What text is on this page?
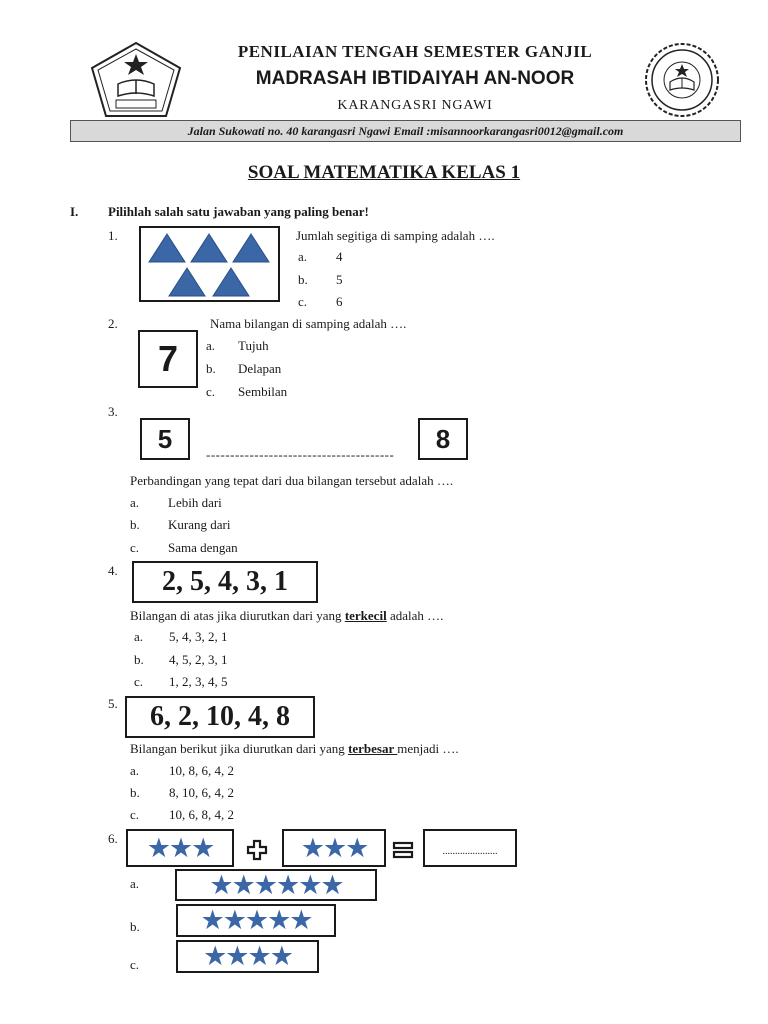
PENILAIAN TENGAH SEMESTER GANJIL
MADRASAH IBTIDAIYAH AN-NOOR
KARANGASRI NGAWI
Jalan Sukowati no. 40 karangasri Ngawi Email :misannoorkarangasri0012@gmail.com
SOAL MATEMATIKA KELAS 1
I. Pilihlah salah satu jawaban yang paling benar!
1.	Jumlah segitiga di samping adalah ….
a. 4
b. 5
c. 6
2.
7
Nama bilangan di samping adalah ….
a. Tujuh
b. Delapan
c. Sembilan
3.
5
---------------------------------------
8
Perbandingan yang tepat dari dua bilangan tersebut adalah ….
a. Lebih dari
b. Kurang dari
c. Sama dengan
4. 2, 5, 4, 3, 1
Bilangan di atas jika diurutkan dari yang terkecil adalah ….
a. 5, 4, 3, 2, 1
b. 4, 5, 2, 3, 1
c. 1, 2, 3, 4, 5
5. 6, 2, 10, 4, 8
Bilangan berikut jika diurutkan dari yang terbesar menjadi ….
a. 10, 8, 6, 4, 2
b. 8, 10, 6, 4, 2
c. 10, 6, 8, 4, 2
6. ★★★	★★★	......................
a.	★★★★★★
b. ★★★★★
c. ★★★★
